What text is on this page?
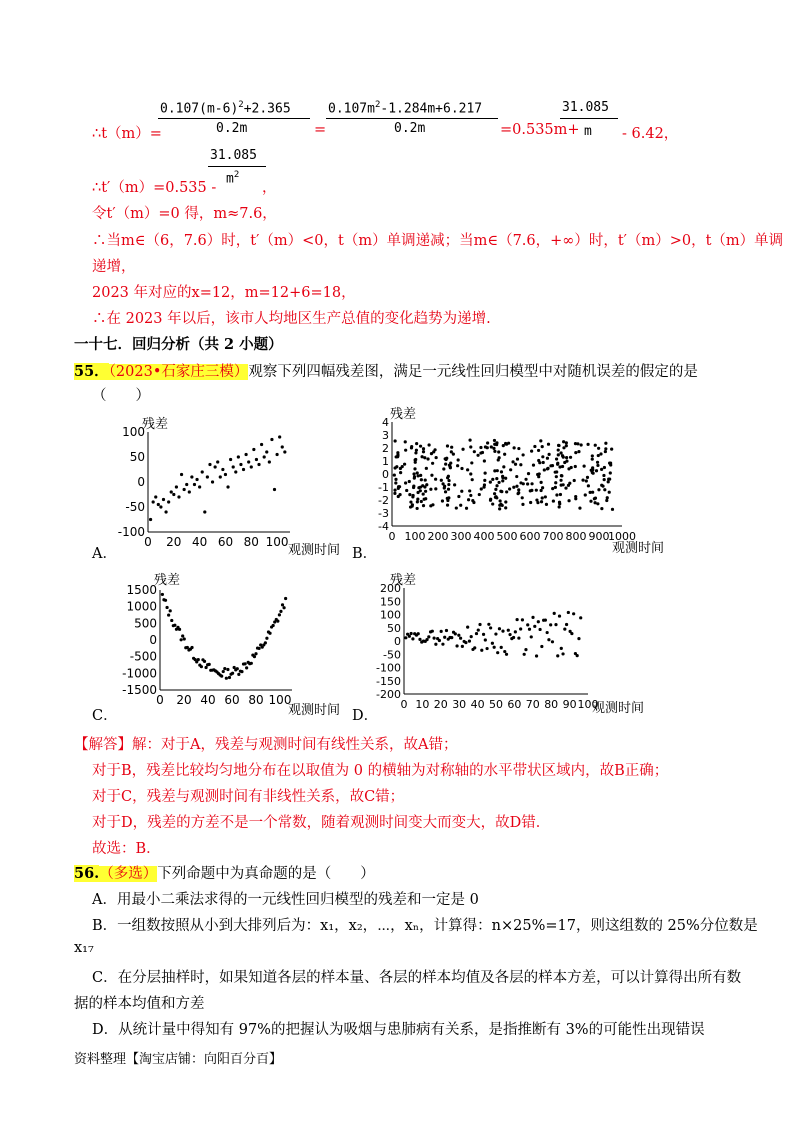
$0.107(m-6)^2+2.365$
0.2m
$0.107m^2-1.284m+6.217$
0.2m
31.085
m
∴t（m）=	=	=0.535m+	- 6.42，
31.085
$m^2$
∴t′（m）=0.535 -	，
令t′（m）=0 得，m≈7.6，
∴当m∈（6，7.6）时，t′（m）<0，t（m）单调递减；当m∈（7.6，+∞）时，t′（m）>0，t（m）单调
递增，
2023 年对应的x=12，m=12+6=18，
∴在 2023 年以后，该市人均地区生产总值的变化趋势为递增.
一十七．回归分析（共 2 小题）
55．（2023•石家庄三模）观察下列四幅残差图，满足一元线性回归模型中对随机误差的假定的是
（　　）
残差
100
50
0
-50
-100
0 20 40 60 80 100
观测时间
A．
残差
4
3
2
1
0
-1
-2
-3
-4
0 100 200 300 400 500 600 700 800 900
1000
观测时间
B．
残差
1500
1000
500
0
-500
-1000
-1500
0 20 40 60 80 100
观测时间
C．
残差
200
150
100
50
0
-50
-100
-150
-200
0 10 20 30 40 50 60 70 80 90 100
观测时间
D．
【解答】解：对于A，残差与观测时间有线性关系，故A错；
对于B，残差比较均匀地分布在以取值为 0 的横轴为对称轴的水平带状区域内，故B正确；
对于C，残差与观测时间有非线性关系，故C错；
对于D，残差的方差不是一个常数，随着观测时间变大而变大，故D错．
故选：B．
56.（多选）下列命题中为真命题的是（　　）
A．用最小二乘法求得的一元线性回归模型的残差和一定是 0
B．一组数按照从小到大排列后为：x₁，x₂，⋯，xₙ，计算得：n×25%=17，则这组数的 25%分位数是
x₁₇
C．在分层抽样时，如果知道各层的样本量、各层的样本均值及各层的样本方差，可以计算得出所有数
据的样本均值和方差
D．从统计量中得知有 97%的把握认为吸烟与患肺病有关系，是指推断有 3%的可能性出现错误
资料整理【淘宝店铺：向阳百分百】
